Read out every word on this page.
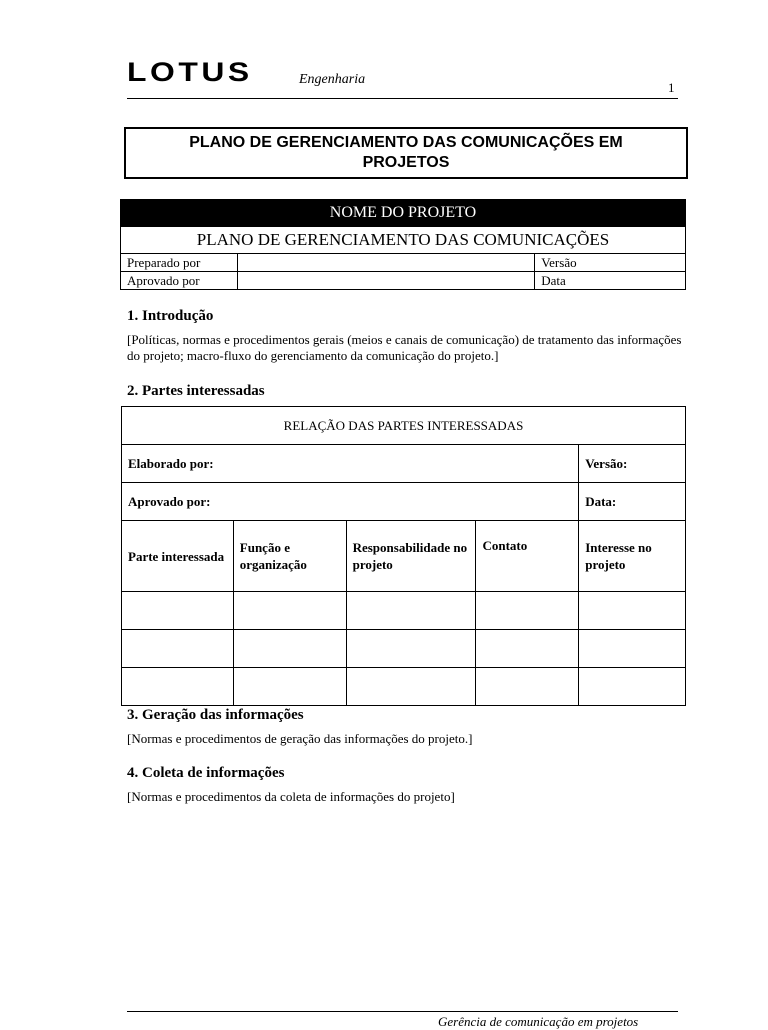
LOTUS	Engenharia
1
PLANO DE GERENCIAMENTO DAS COMUNICAÇÕES EM PROJETOS
NOME DO PROJETO		
PLANO DE GERENCIAMENTO DAS COMUNICAÇÕES		
Preparado por		Versão
Aprovado por		Data
1. Introdução
[Políticas, normas e procedimentos gerais (meios e canais de comunicação) de tratamento das informações do projeto; macro-fluxo do gerenciamento da comunicação do projeto.]
2. Partes interessadas
RELAÇÃO DAS PARTES INTERESSADAS				
Elaborado por:				Versão:
Aprovado por:				Data:
Parte interessada	Função e organização	Responsabilidade no projeto	Contato	Interesse no projeto

3. Geração das informações
[Normas e procedimentos de geração das informações do projeto.]
4. Coleta de informações
[Normas e procedimentos da coleta de informações do projeto]
Gerência de comunicação em projetos
